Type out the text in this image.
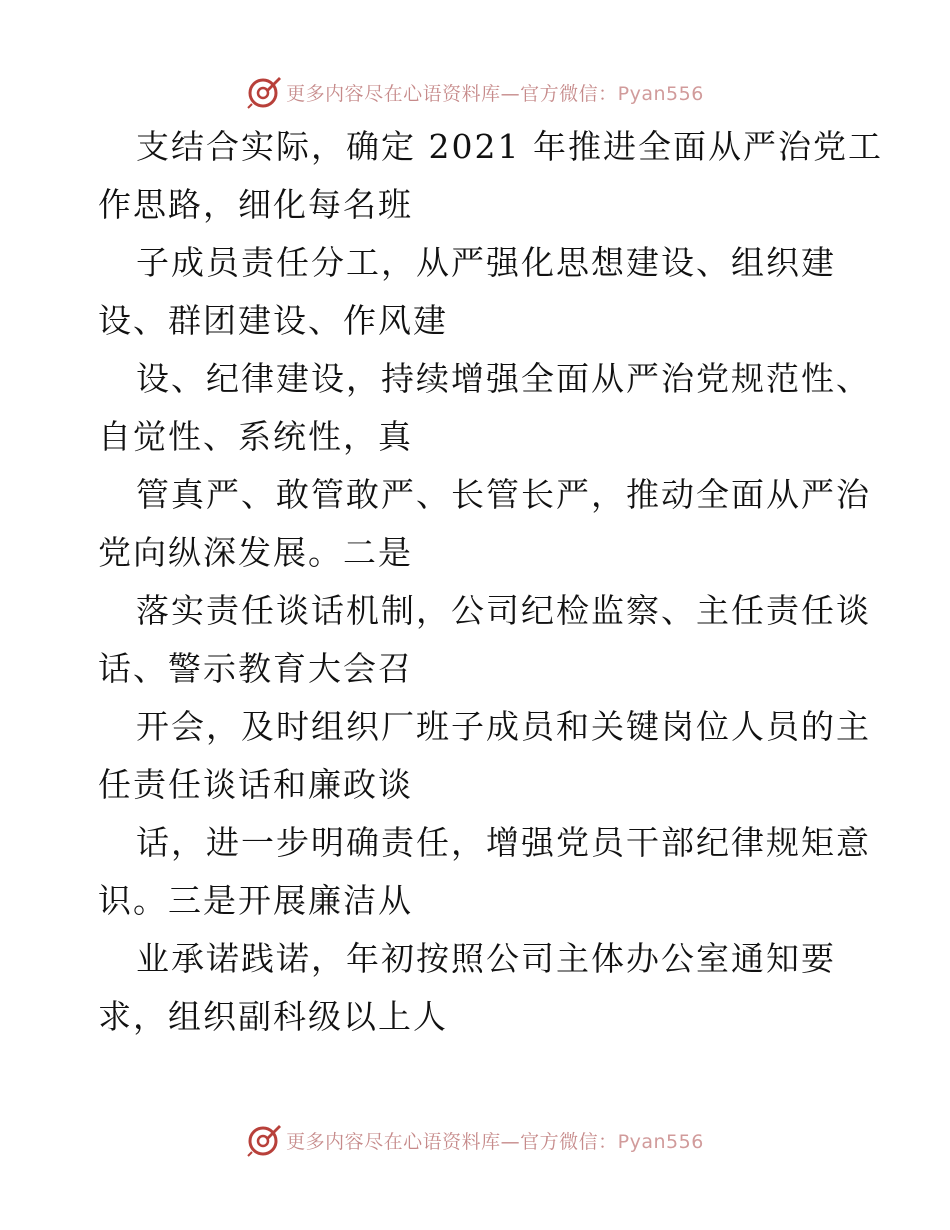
更多内容尽在心语资料库—官方微信：Pyan556
支结合实际，确定 2021 年推进全面从严治党工
作思路，细化每名班
子成员责任分工，从严强化思想建设、组织建
设、群团建设、作风建
设、纪律建设，持续增强全面从严治党规范性、
自觉性、系统性，真
管真严、敢管敢严、长管长严，推动全面从严治
党向纵深发展。二是
落实责任谈话机制，公司纪检监察、主任责任谈
话、警示教育大会召
开会，及时组织厂班子成员和关键岗位人员的主
任责任谈话和廉政谈
话，进一步明确责任，增强党员干部纪律规矩意
识。三是开展廉洁从
业承诺践诺，年初按照公司主体办公室通知要
求，组织副科级以上人
更多内容尽在心语资料库—官方微信：Pyan556
